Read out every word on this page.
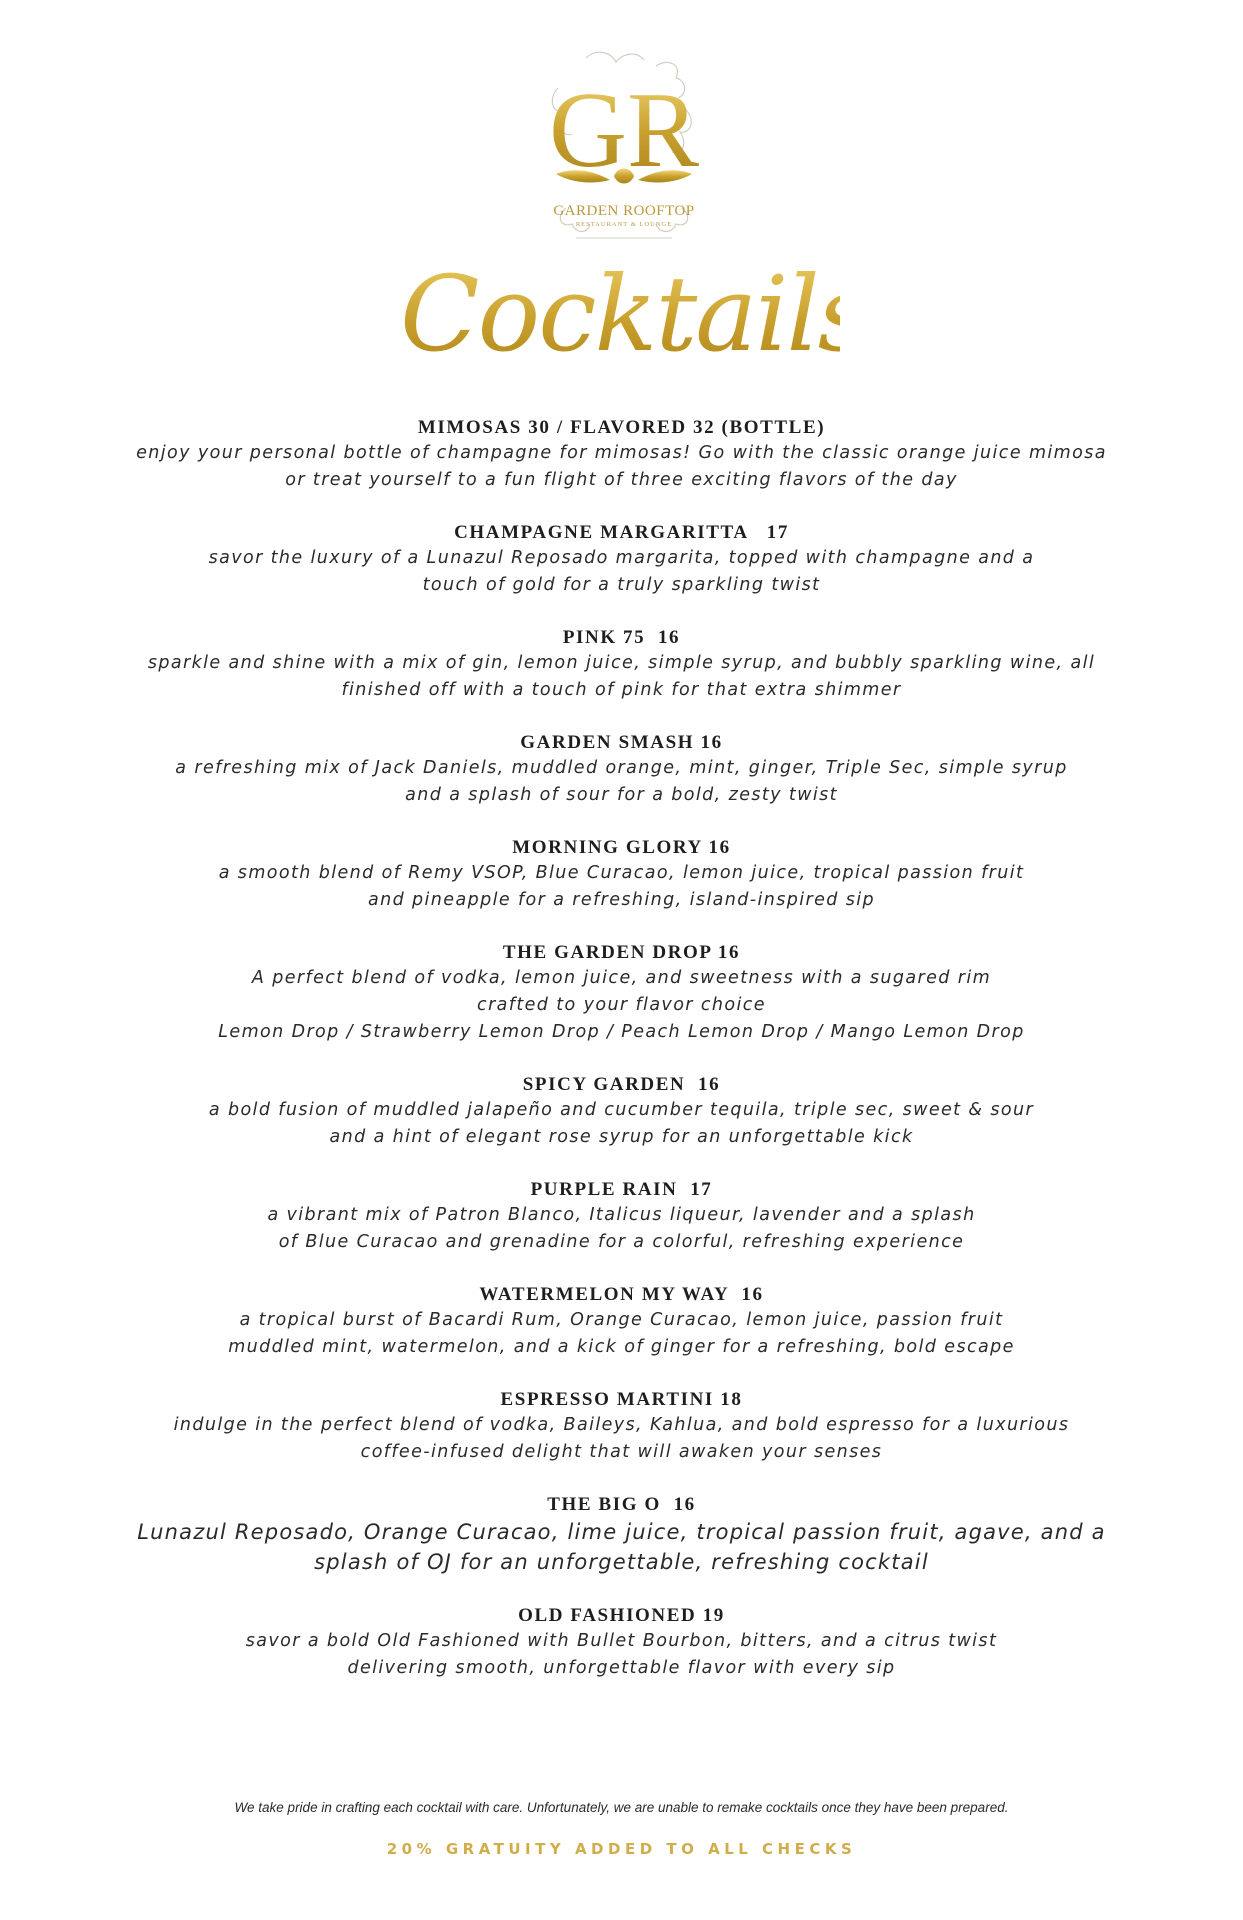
GR
GARDEN ROOFTOP
RESTAURANT & LOUNGE
Cocktails
MIMOSAS 30 / FLAVORED 32 (BOTTLE)
enjoy your personal bottle of champagne for mimosas! Go with the classic orange juice mimosa
or treat yourself to a fun flight of three exciting flavors of the day
CHAMPAGNE MARGARITTA   17
savor the luxury of a Lunazul Reposado margarita, topped with champagne and a
touch of gold for a truly sparkling twist
PINK 75  16
sparkle and shine with a mix of gin, lemon juice, simple syrup, and bubbly sparkling wine, all
finished off with a touch of pink for that extra shimmer
GARDEN SMASH 16
a refreshing mix of Jack Daniels, muddled orange, mint, ginger, Triple Sec, simple syrup
and a splash of sour for a bold, zesty twist
MORNING GLORY 16
a smooth blend of Remy VSOP, Blue Curacao, lemon juice, tropical passion fruit
and pineapple for a refreshing, island-inspired sip
THE GARDEN DROP 16
A perfect blend of vodka, lemon juice, and sweetness with a sugared rim
crafted to your flavor choice
Lemon Drop / Strawberry Lemon Drop / Peach Lemon Drop / Mango Lemon Drop
SPICY GARDEN  16
a bold fusion of muddled jalapeño and cucumber tequila, triple sec, sweet & sour
and a hint of elegant rose syrup for an unforgettable kick
PURPLE RAIN  17
a vibrant mix of Patron Blanco, Italicus liqueur, lavender and a splash
of Blue Curacao and grenadine for a colorful, refreshing experience
WATERMELON MY WAY  16
a tropical burst of Bacardi Rum, Orange Curacao, lemon juice, passion fruit
muddled mint, watermelon, and a kick of ginger for a refreshing, bold escape
ESPRESSO MARTINI 18
indulge in the perfect blend of vodka, Baileys, Kahlua, and bold espresso for a luxurious
coffee-infused delight that will awaken your senses
THE BIG O  16
Lunazul Reposado, Orange Curacao, lime juice, tropical passion fruit, agave, and a
splash of OJ for an unforgettable, refreshing cocktail
OLD FASHIONED 19
savor a bold Old Fashioned with Bullet Bourbon, bitters, and a citrus twist
delivering smooth, unforgettable flavor with every sip
We take pride in crafting each cocktail with care. Unfortunately, we are unable to remake cocktails once they have been prepared.
20% GRATUITY ADDED TO ALL CHECKS
